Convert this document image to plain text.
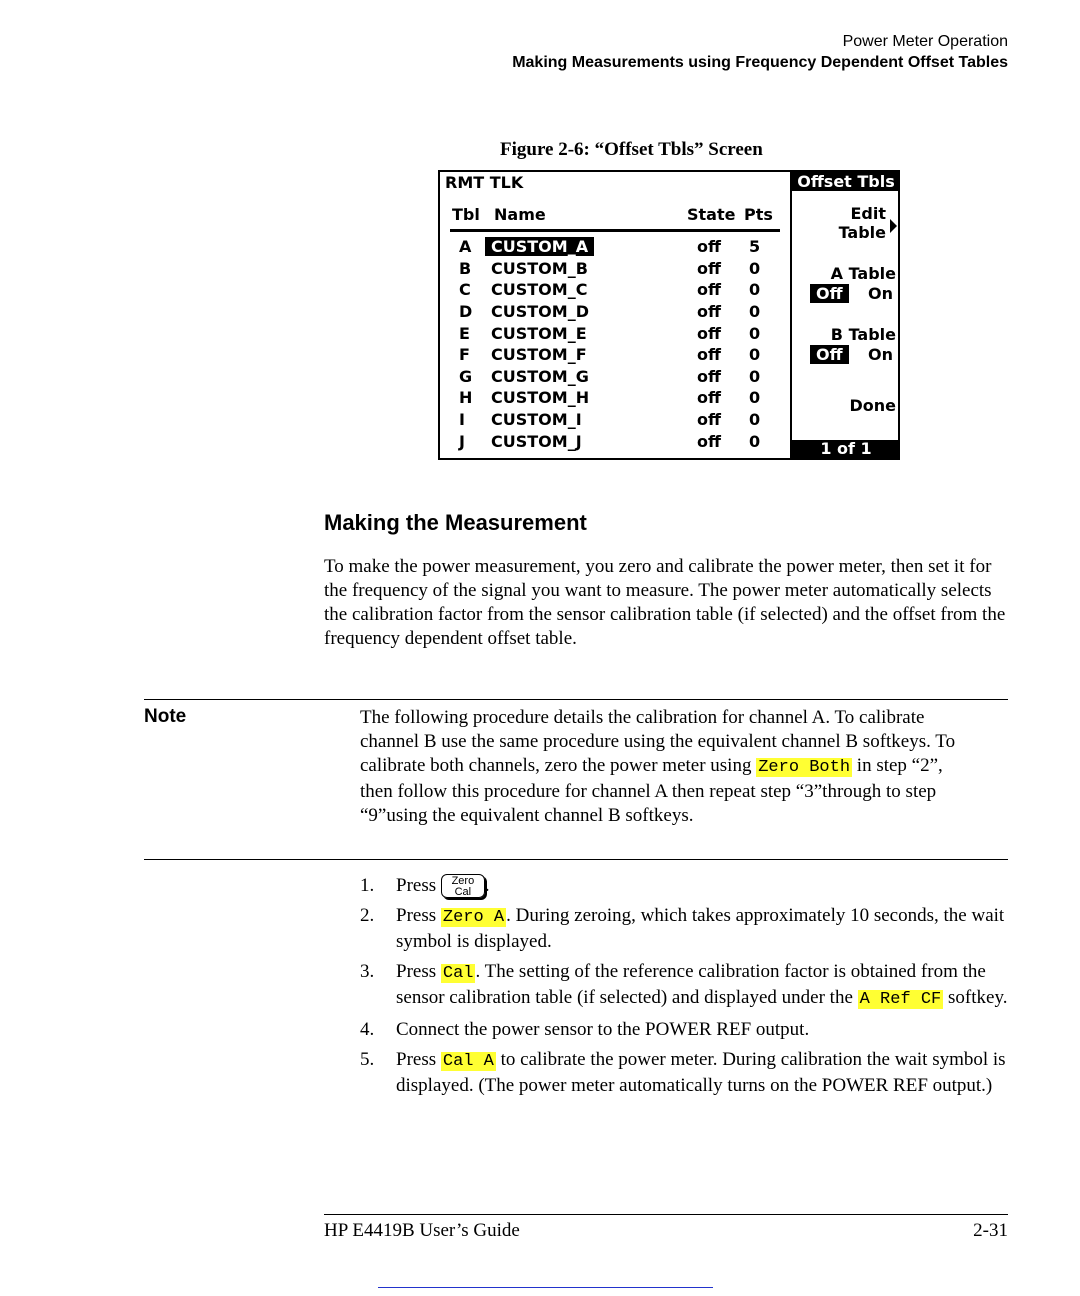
Power Meter Operation
Making Measurements using Frequency Dependent Offset Tables
Figure 2-6: “Offset Tbls” Screen
RMT TLK	Offset Tbls
Tbl Name	State Pts
A	CUSTOM_A	off 5
B CUSTOM_B	off 0
C CUSTOM_C	off 0
D CUSTOM_D	off 0
E CUSTOM_E	off 0
F CUSTOM_F	off 0
G CUSTOM_G	off 0
H CUSTOM_H	off 0
I CUSTOM_I	off 0
J CUSTOM_J	off 0
Edit
Table
A Table
Off	On
B Table
Off	On
Done
1 of 1
Making the Measurement

To make the power measurement, you zero and calibrate the power meter, then set it for the frequency of the signal you want to measure. The power meter automatically selects the calibration factor from the sensor calibration table (if selected) and the offset from the frequency dependent offset table.

Note	The following procedure details the calibration for channel A. To calibrate channel B use the same procedure using the equivalent channel B softkeys. To calibrate both channels, zero the power meter using Zero Both in step “2”, then follow this procedure for channel A then repeat step “3”through to step “9”using the equivalent channel B softkeys.

1. Press Zero
Cal .
2. Press Zero A . During zeroing, which takes approximately 10 seconds, the wait symbol is displayed.
3. Press Cal . The setting of the reference calibration factor is obtained from the sensor calibration table (if selected) and displayed under the A Ref CF softkey.
4. Connect the power sensor to the POWER REF output.
5. Press Cal A to calibrate the power meter. During calibration the wait symbol is displayed. (The power meter automatically turns on the POWER REF output.)
HP E4419B User’s Guide	2-31
